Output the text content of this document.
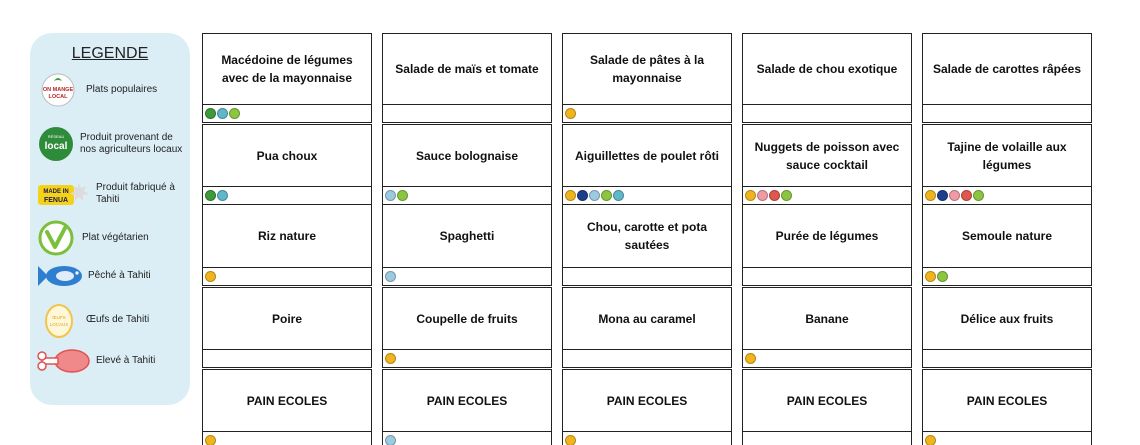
LEGENDE
ON MANGE
LOCAL
Plats populaires
RÉSEAU
local
Produit provenant de nos agriculteurs locaux
MADE IN
FENUA
Produit fabriqué à Tahiti
Plat végétarien
Pêché à Tahiti
ŒUFS
LOCAUX Œufs de Tahiti
Elevé à Tahiti
Macédoine de légumes avec de la mayonnaise
Pua choux
Riz nature
Poire
PAIN ECOLES
Salade de maïs et tomate
Sauce bolognaise
Spaghetti
Coupelle de fruits
PAIN ECOLES
Salade de pâtes à la mayonnaise
Aiguillettes de poulet rôti
Chou, carotte et pota sautées
Mona au caramel
PAIN ECOLES
Salade de chou exotique
Nuggets de poisson avec sauce cocktail
Purée de légumes
Banane
PAIN ECOLES
Salade de carottes râpées
Tajine de volaille aux légumes
Semoule nature
Délice aux fruits
PAIN ECOLES
